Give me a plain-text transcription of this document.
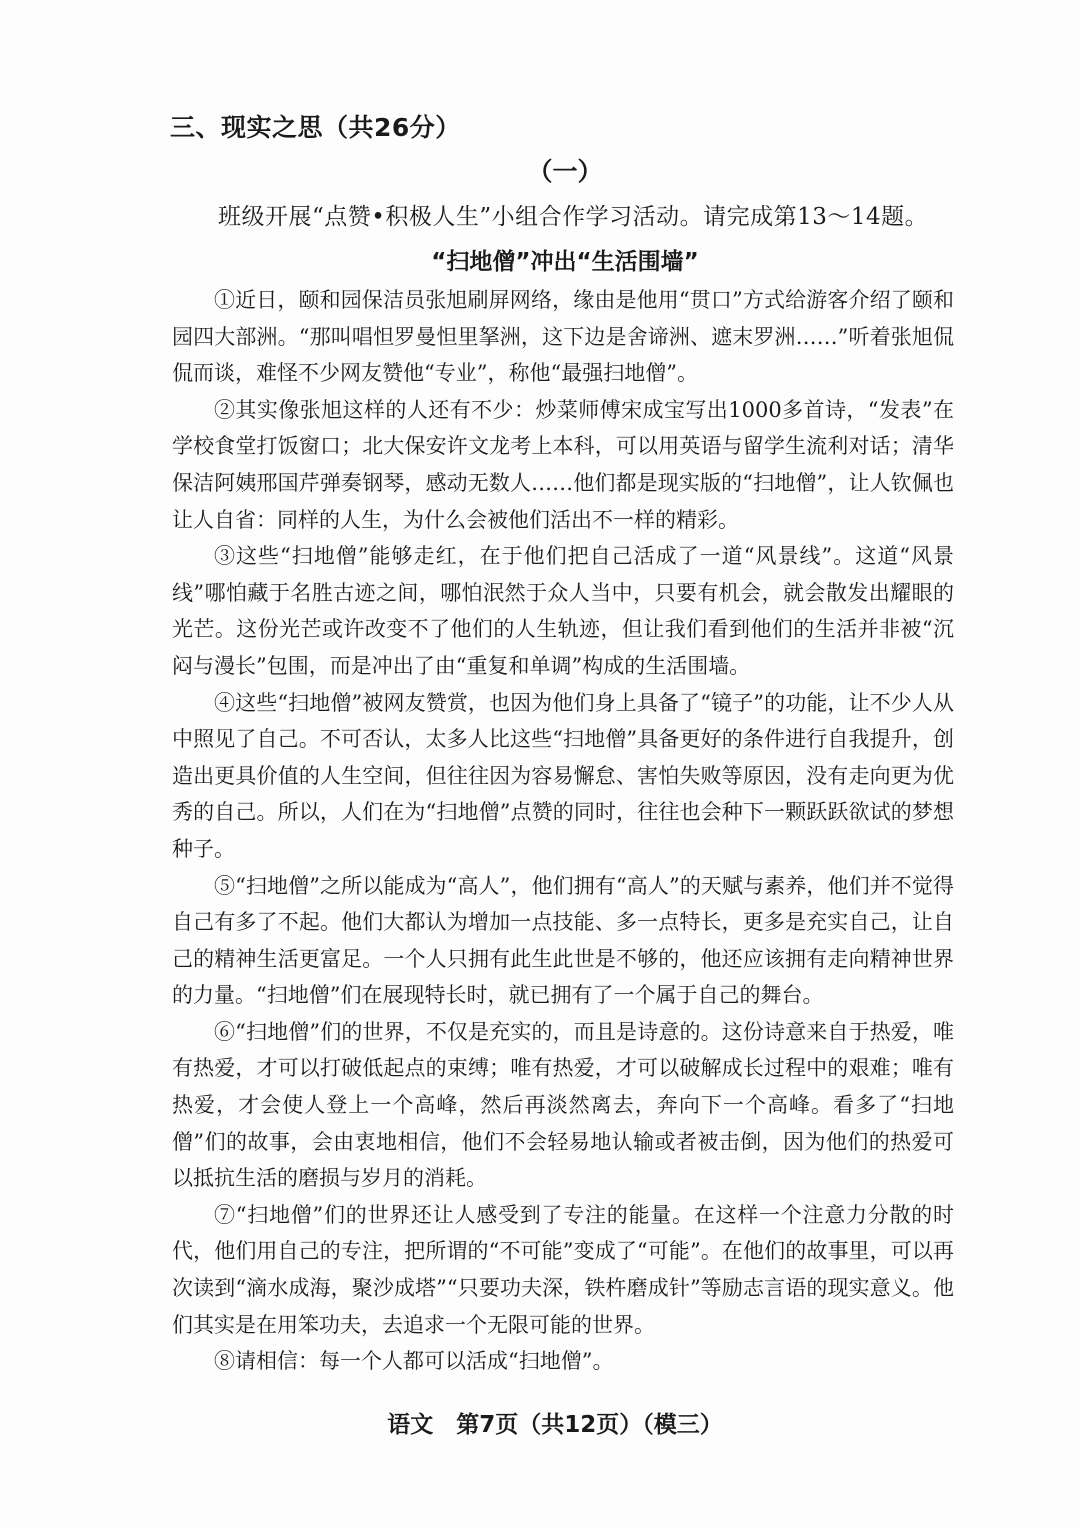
三、现实之思（共26分）
（一）
班级开展“点赞•积极人生”小组合作学习活动。请完成第13～14题。
“扫地僧”冲出“生活围墙”

①近日，颐和园保洁员张旭刷屏网络，缘由是他用“贯口”方式给游客介绍了颐和园四大部洲。“那叫唱怛罗曼怛里拏洲，这下边是舍谛洲、遮末罗洲……”听着张旭侃侃而谈，难怪不少网友赞他“专业”，称他“最强扫地僧”。

②其实像张旭这样的人还有不少：炒菜师傅宋成宝写出1000多首诗，“发表”在学校食堂打饭窗口；北大保安许文龙考上本科，可以用英语与留学生流利对话；清华保洁阿姨邢国芹弹奏钢琴，感动无数人……他们都是现实版的“扫地僧”，让人钦佩也让人自省：同样的人生，为什么会被他们活出不一样的精彩。

③这些“扫地僧”能够走红，在于他们把自己活成了一道“风景线”。这道“风景线”哪怕藏于名胜古迹之间，哪怕泯然于众人当中，只要有机会，就会散发出耀眼的光芒。这份光芒或许改变不了他们的人生轨迹，但让我们看到他们的生活并非被“沉闷与漫长”包围，而是冲出了由“重复和单调”构成的生活围墙。

④这些“扫地僧”被网友赞赏，也因为他们身上具备了“镜子”的功能，让不少人从中照见了自己。不可否认，太多人比这些“扫地僧”具备更好的条件进行自我提升，创造出更具价值的人生空间，但往往因为容易懈怠、害怕失败等原因，没有走向更为优秀的自己。所以，人们在为“扫地僧”点赞的同时，往往也会种下一颗跃跃欲试的梦想种子。

⑤“扫地僧”之所以能成为“高人”，他们拥有“高人”的天赋与素养，他们并不觉得自己有多了不起。他们大都认为增加一点技能、多一点特长，更多是充实自己，让自己的精神生活更富足。一个人只拥有此生此世是不够的，他还应该拥有走向精神世界的力量。“扫地僧”们在展现特长时，就已拥有了一个属于自己的舞台。

⑥“扫地僧”们的世界，不仅是充实的，而且是诗意的。这份诗意来自于热爱，唯有热爱，才可以打破低起点的束缚；唯有热爱，才可以破解成长过程中的艰难；唯有热爱，才会使人登上一个高峰，然后再淡然离去，奔向下一个高峰。看多了“扫地僧”们的故事，会由衷地相信，他们不会轻易地认输或者被击倒，因为他们的热爱可以抵抗生活的磨损与岁月的消耗。

⑦“扫地僧”们的世界还让人感受到了专注的能量。在这样一个注意力分散的时代，他们用自己的专注，把所谓的“不可能”变成了“可能”。在他们的故事里，可以再次读到“滴水成海，聚沙成塔”“只要功夫深，铁杵磨成针”等励志言语的现实意义。他们其实是在用笨功夫，去追求一个无限可能的世界。

⑧请相信：每一个人都可以活成“扫地僧”。

语文　第7页（共12页）（模三）
